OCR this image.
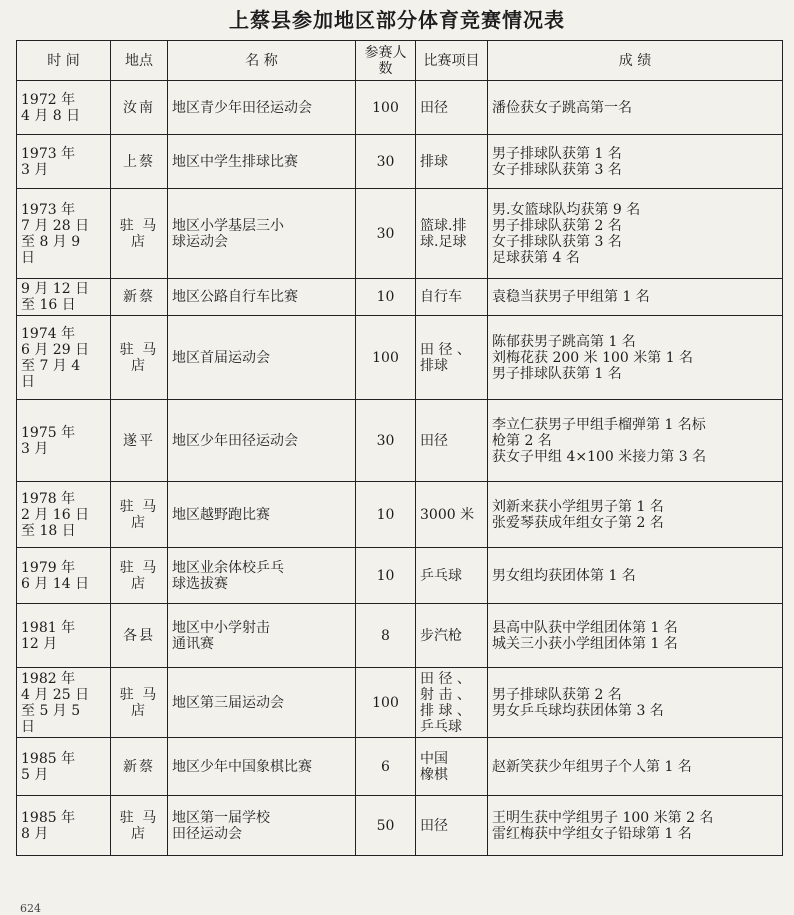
上蔡县参加地区部分体育竞赛情况表
时 间	地点	名 称	参赛人数	比赛项目	成 绩

1972 年
4 月 8 日	汝南	地区青少年田径运动会	100	田径	潘俭获女子跳高第一名

1973 年
3 月	上蔡	地区中学生排球比赛	30	排球	男子排球队获第 1 名
女子排球队获第 3 名

1973 年
7 月 28 日
至 8 月 9
日	驻 马
店	地区小学基层三小
球运动会	30	篮球.排
球.足球	男.女篮球队均获第 9 名
男子排球队获第 2 名
女子排球队获第 3 名
足球获第 4 名

9 月 12 日
至 16 日	新蔡	地区公路自行车比赛	10	自行车	袁稳当获男子甲组第 1 名

1974 年
6 月 29 日
至 7 月 4
日	驻 马
店	地区首届运动会	100	田 径 、
排球	陈郁获男子跳高第 1 名
刘梅花获 200 米 100 米第 1 名
男子排球队获第 1 名

1975 年
3 月	遂平	地区少年田径运动会	30	田径	李立仁获男子甲组手榴弹第 1 名标
枪第 2 名
获女子甲组 4×100 米接力第 3 名

1978 年
2 月 16 日
至 18 日	驻 马
店	地区越野跑比赛	10	3000 米	刘新来获小学组男子第 1 名
张爱琴获成年组女子第 2 名

1979 年
6 月 14 日	驻 马
店	地区业余体校乒乓
球选拔赛	10	乒乓球	男女组均获团体第 1 名

1981 年
12 月	各县	地区中小学射击
通讯赛	8	步汽枪	县高中队获中学组团体第 1 名
城关三小获小学组团体第 1 名

1982 年
4 月 25 日
至 5 月 5
日	驻 马
店	地区第三届运动会	100	田 径 、
射 击 、
排 球 、
乒乓球	男子排球队获第 2 名
男女乒乓球均获团体第 3 名

1985 年
5 月	新蔡	地区少年中国象棋比赛	6	中国
橡棋	赵新笑获少年组男子个人第 1 名

1985 年
8 月	驻 马
店	地区第一届学校
田径运动会	50	田径	王明生获中学组男子 100 米第 2 名
雷红梅获中学组女子铅球第 1 名
624
